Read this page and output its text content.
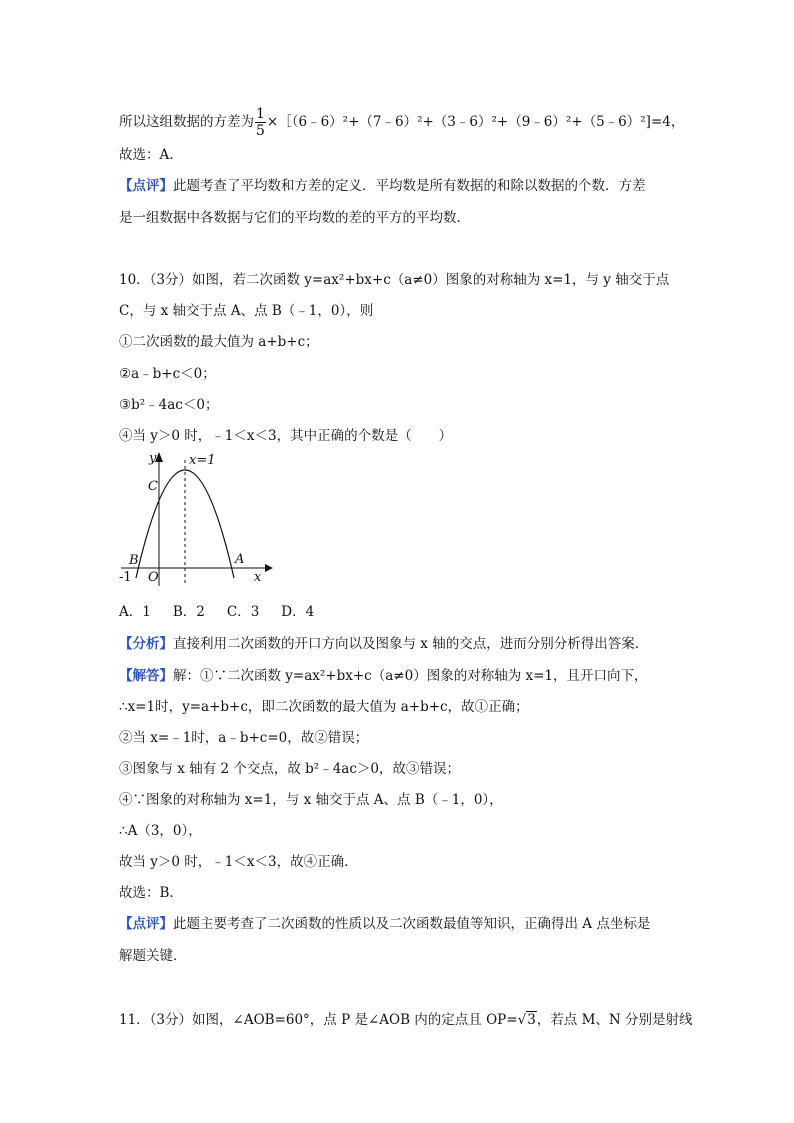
所以这组数据的方差为 $\frac{1}{5}$ ×［（6﹣6）²+（7﹣6）²+（3﹣6）²+（9﹣6）²+（5﹣6）²]=4，
故选：A.
【点评】此题考查了平均数和方差的定义．平均数是所有数据的和除以数据的个数．方差
是一组数据中各数据与它们的平均数的差的平方的平均数．
10．（3分）如图，若二次函数 y=ax²+bx+c（a≠0）图象的对称轴为 x=1，与 y 轴交于点
C，与 x 轴交于点 A、点 B（﹣1，0），则
①二次函数的最大值为 a+b+c；
②a﹣b+c＜0；
③b²﹣4ac＜0；
④当 y＞0 时，﹣1＜x＜3，其中正确的个数是（　　）
y	x=1
C
B	A
-1 O	x
A．1 B．2 C．3 D．4
【分析】直接利用二次函数的开口方向以及图象与 x 轴的交点，进而分别分析得出答案．
【解答】解：①∵二次函数 y=ax²+bx+c（a≠0）图象的对称轴为 x=1，且开口向下，
∴x=1时，y=a+b+c，即二次函数的最大值为 a+b+c，故①正确；
②当 x=﹣1时，a﹣b+c=0，故②错误；
③图象与 x 轴有 2 个交点，故 b²﹣4ac＞0，故③错误；
④∵图象的对称轴为 x=1，与 x 轴交于点 A、点 B（﹣1，0），
∴A（3，0），
故当 y＞0 时，﹣1＜x＜3，故④正确．
故选：B.
【点评】此题主要考查了二次函数的性质以及二次函数最值等知识，正确得出 A 点坐标是
解题关键．
11．（3分）如图，∠AOB=60°，点 P 是∠AOB 内的定点且 OP=√3，若点 M、N 分别是射线
